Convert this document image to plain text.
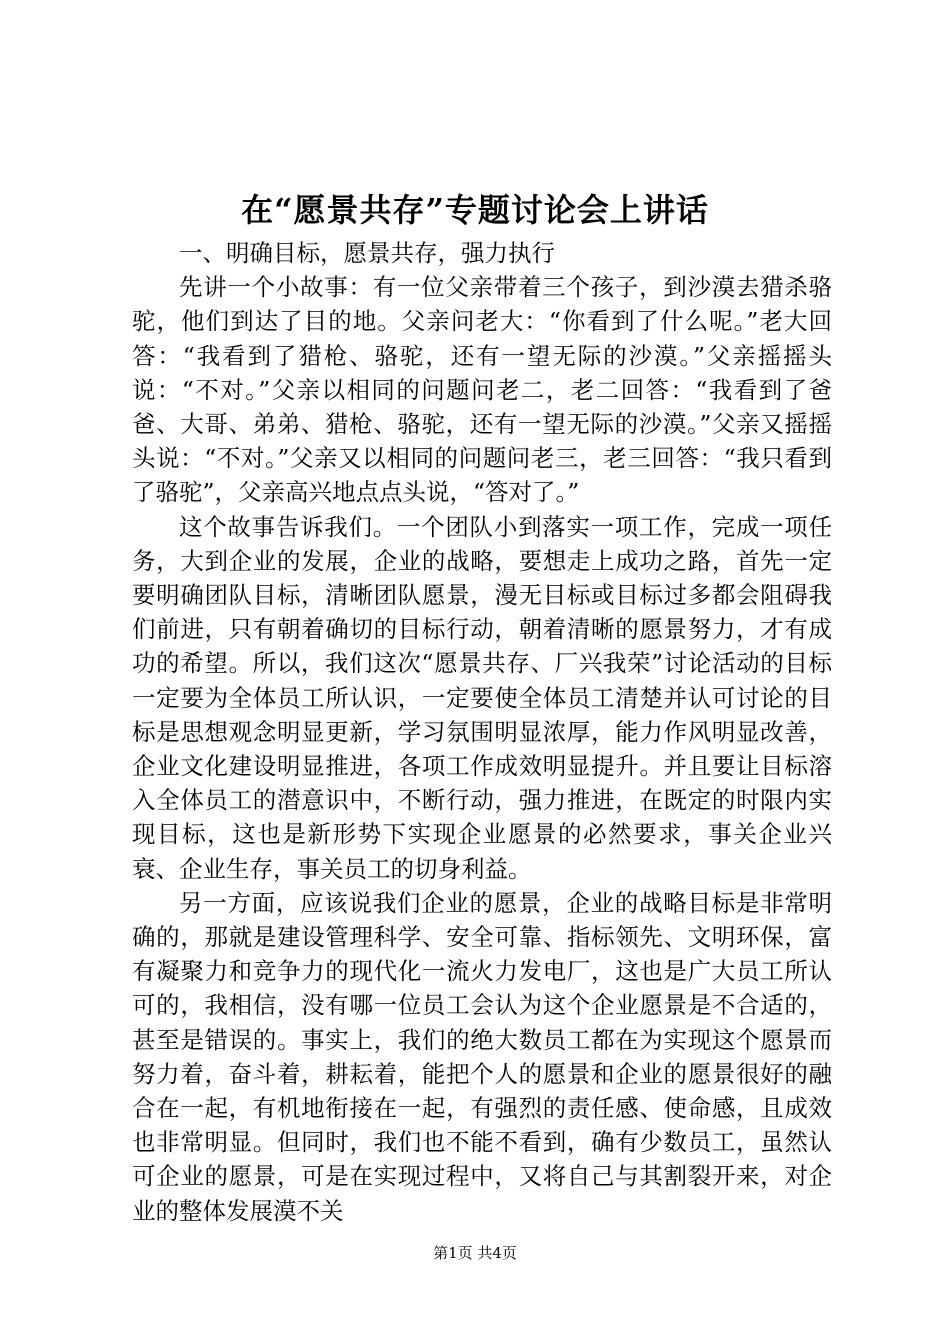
在“愿景共存”专题讨论会上讲话

一、明确目标，愿景共存，强力执行

先讲一个小故事：有一位父亲带着三个孩子，到沙漠去猎杀骆驼，他们到达了目的地。父亲问老大：“你看到了什么呢。”老大回答：“我看到了猎枪、骆驼，还有一望无际的沙漠。”父亲摇摇头说：“不对。”父亲以相同的问题问老二，老二回答：“我看到了爸爸、大哥、弟弟、猎枪、骆驼，还有一望无际的沙漠。”父亲又摇摇头说：“不对。”父亲又以相同的问题问老三，老三回答：“我只看到了骆驼”，父亲高兴地点点头说，“答对了。”

这个故事告诉我们。一个团队小到落实一项工作，完成一项任务，大到企业的发展，企业的战略，要想走上成功之路，首先一定要明确团队目标，清晰团队愿景，漫无目标或目标过多都会阻碍我们前进，只有朝着确切的目标行动，朝着清晰的愿景努力，才有成功的希望。所以，我们这次“愿景共存、厂兴我荣”讨论活动的目标一定要为全体员工所认识，一定要使全体员工清楚并认可讨论的目标是思想观念明显更新，学习氛围明显浓厚，能力作风明显改善，企业文化建设明显推进，各项工作成效明显提升。并且要让目标溶入全体员工的潜意识中，不断行动，强力推进，在既定的时限内实现目标，这也是新形势下实现企业愿景的必然要求，事关企业兴衰、企业生存，事关员工的切身利益。

另一方面，应该说我们企业的愿景，企业的战略目标是非常明确的，那就是建设管理科学、安全可靠、指标领先、文明环保，富有凝聚力和竞争力的现代化一流火力发电厂，这也是广大员工所认可的，我相信，没有哪一位员工会认为这个企业愿景是不合适的，甚至是错误的。事实上，我们的绝大数员工都在为实现这个愿景而努力着，奋斗着，耕耘着，能把个人的愿景和企业的愿景很好的融合在一起，有机地衔接在一起，有强烈的责任感、使命感，且成效也非常明显。但同时，我们也不能不看到，确有少数员工，虽然认可企业的愿景，可是在实现过程中，又将自己与其割裂开来，对企业的整体发展漠不关

第1页 共4页
